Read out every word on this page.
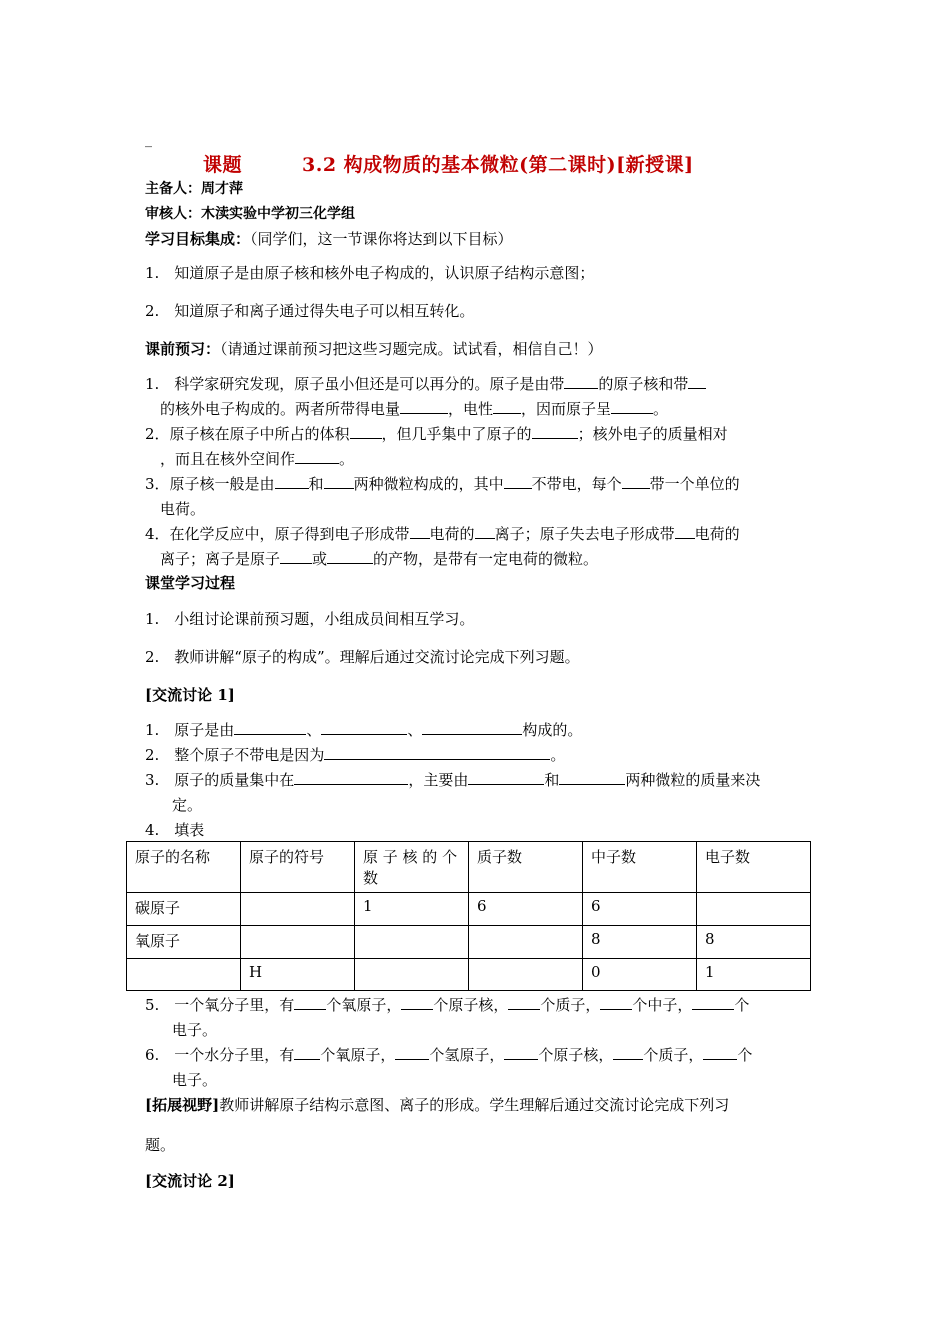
_
课题	3.2 构成物质的基本微粒(第二课时)[新授课]
主备人：周才萍
审核人：木渎实验中学初三化学组
学习目标集成：（同学们，这一节课你将达到以下目标）
1.　知道原子是由原子核和核外电子构成的，认识原子结构示意图；
2.　知道原子和离子通过得失电子可以相互转化。
课前预习：（请通过课前预习把这些习题完成。试试看，相信自己！）
1.　科学家研究发现，原子虽小但还是可以再分的。原子是由带 的原子核和带
的核外电子构成的。两者所带得电量	，电性 ，因而原子呈	。
2．原子核在原子中所占的体积 ，但几乎集中了原子的	；核外电子的质量相对
，而且在核外空间作	。
3．原子核一般是由 和 两种微粒构成的，其中 不带电，每个 带一个单位的
电荷。
4．在化学反应中，原子得到电子形成带 电荷的 离子；原子失去电子形成带 电荷的
离子；离子是原子 或	的产物，是带有一定电荷的微粒。
课堂学习过程
1.　小组讨论课前预习题，小组成员间相互学习。
2.　教师讲解“原子的构成”。理解后通过交流讨论完成下列习题。
[交流讨论 1]
1.　原子是由	、	、	构成的。
2.　整个原子不带电是因为	。
3.　原子的质量集中在	，主要由	和	两种微粒的质量来决
定。
4.　填表
原子的名称	原子的符号	原 子 核 的 个
数	质子数	中子数	电子数
碳原子		1	6	6	
氧原子				8	8
	H			0	1
5.　一个氧分子里，有 个氧原子， 个原子核， 个质子， 个中子，	个
电子。
6.　一个水分子里，有 个氧原子， 个氢原子， 个原子核， 个质子， 个
电子。
[拓展视野]教师讲解原子结构示意图、离子的形成。学生理解后通过交流讨论完成下列习
题。
[交流讨论 2]
